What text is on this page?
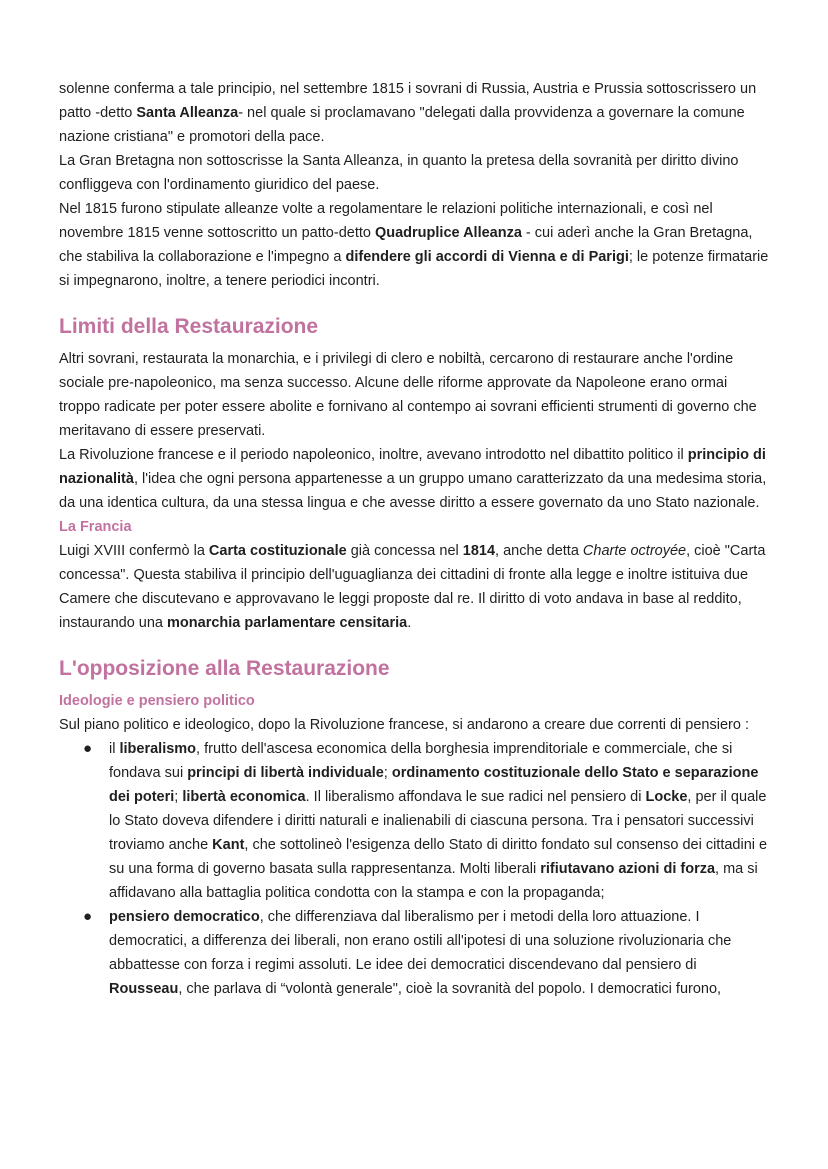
solenne conferma a tale principio, nel settembre 1815 i sovrani di Russia, Austria e Prussia sottoscrissero un patto -detto Santa Alleanza- nel quale si proclamavano "delegati dalla provvidenza a governare la comune nazione cristiana" e promotori della pace.

La Gran Bretagna non sottoscrisse la Santa Alleanza, in quanto la pretesa della sovranità per diritto divino confliggeva con l'ordinamento giuridico del paese.

Nel 1815 furono stipulate alleanze volte a regolamentare le relazioni politiche internazionali, e così nel novembre 1815 venne sottoscritto un patto-detto Quadruplice Alleanza - cui aderì anche la Gran Bretagna, che stabiliva la collaborazione e l'impegno a difendere gli accordi di Vienna e di Parigi; le potenze firmatarie si impegnarono, inoltre, a tenere periodici incontri.

Limiti della Restaurazione

Altri sovrani, restaurata la monarchia, e i privilegi di clero e nobiltà, cercarono di restaurare anche l'ordine sociale pre-napoleonico, ma senza successo. Alcune delle riforme approvate da Napoleone erano ormai troppo radicate per poter essere abolite e fornivano al contempo ai sovrani efficienti strumenti di governo che meritavano di essere preservati.

La Rivoluzione francese e il periodo napoleonico, inoltre, avevano introdotto nel dibattito politico il principio di nazionalità, l'idea che ogni persona appartenesse a un gruppo umano caratterizzato da una medesima storia, da una identica cultura, da una stessa lingua e che avesse diritto a essere governato da uno Stato nazionale.

La Francia

Luigi XVIII confermò la Carta costituzionale già concessa nel 1814, anche detta Charte octroyée, cioè "Carta concessa". Questa stabiliva il principio dell'uguaglianza dei cittadini di fronte alla legge e inoltre istituiva due Camere che discutevano e approvavano le leggi proposte dal re. Il diritto di voto andava in base al reddito, instaurando una monarchia parlamentare censitaria.

L'opposizione alla Restaurazione
Ideologie e pensiero politico

Sul piano politico e ideologico, dopo la Rivoluzione francese, si andarono a creare due correnti di pensiero :

● il liberalismo, frutto dell'ascesa economica della borghesia imprenditoriale e commerciale, che si fondava sui principi di libertà individuale; ordinamento costituzionale dello Stato e separazione dei poteri; libertà economica. Il liberalismo affondava le sue radici nel pensiero di Locke, per il quale lo Stato doveva difendere i diritti naturali e inalienabili di ciascuna persona. Tra i pensatori successivi troviamo anche Kant, che sottolineò l'esigenza dello Stato di diritto fondato sul consenso dei cittadini e su una forma di governo basata sulla rappresentanza. Molti liberali rifiutavano azioni di forza, ma si affidavano alla battaglia politica condotta con la stampa e con la propaganda;
● pensiero democratico, che differenziava dal liberalismo per i metodi della loro attuazione. I democratici, a differenza dei liberali, non erano ostili all'ipotesi di una soluzione rivoluzionaria che abbattesse con forza i regimi assoluti. Le idee dei democratici discendevano dal pensiero di Rousseau, che parlava di “volontà generale", cioè la sovranità del popolo. I democratici furono,
